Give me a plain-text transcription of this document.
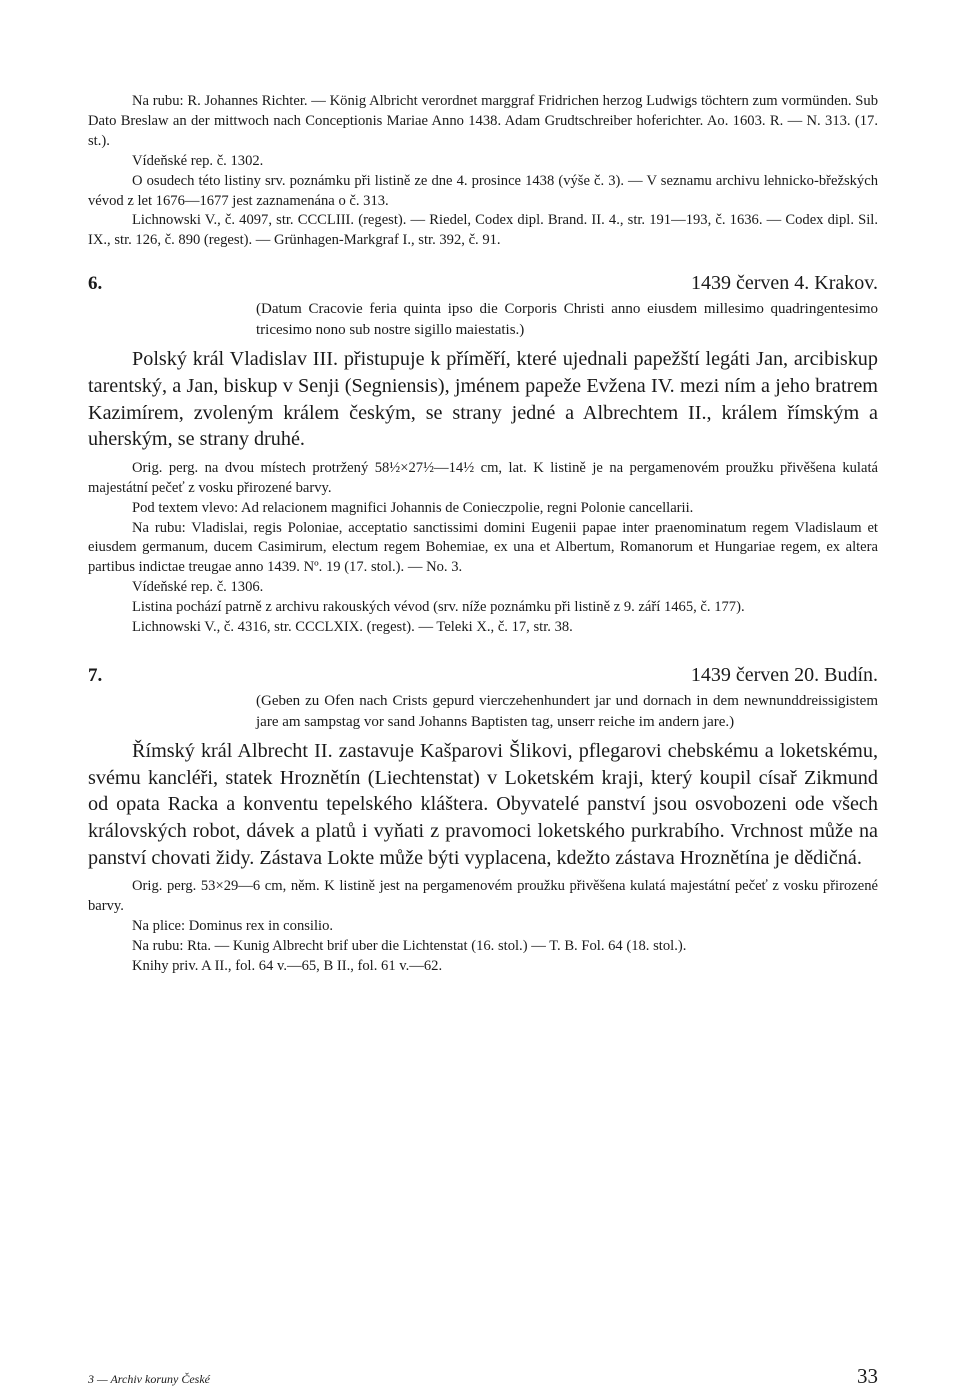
Na rubu: R. Johannes Richter. — König Albricht verordnet marggraf Fridrichen herzog Ludwigs töchtern zum vormünden. Sub Dato Breslaw an der mittwoch nach Conceptionis Mariae Anno 1438. Adam Grudtschreiber hoferichter. Ao. 1603. R. — N. 313. (17. st.).

Vídeňské rep. č. 1302.

O osudech této listiny srv. poznámku při listině ze dne 4. prosince 1438 (výše č. 3). — V seznamu archivu lehnicko-břežských vévod z let 1676—1677 jest zaznamenána o č. 313.

Lichnowski V., č. 4097, str. CCCLIII. (regest). — Riedel, Codex dipl. Brand. II. 4., str. 191—193, č. 1636. — Codex dipl. Sil. IX., str. 126, č. 890 (regest). — Grünhagen-Markgraf I., str. 392, č. 91.

6.	1439 červen 4. Krakov.

(Datum Cracovie feria quinta ipso die Corporis Christi anno eiusdem millesimo quadringentesimo tricesimo nono sub nostre sigillo maiestatis.)

Polský král Vladislav III. přistupuje k příměří, které ujednali papežští legáti Jan, arcibiskup tarentský, a Jan, biskup v Senji (Segniensis), jménem papeže Evžena IV. mezi ním a jeho bratrem Kazimírem, zvoleným králem českým, se strany jedné a Albrechtem II., králem římským a uherským, se strany druhé.

Orig. perg. na dvou místech protržený 58½×27½—14½ cm, lat. K listině je na pergamenovém proužku přivěšena kulatá majestátní pečeť z vosku přirozené barvy.

Pod textem vlevo: Ad relacionem magnifici Johannis de Conieczpolie, regni Polonie cancellarii.

Na rubu: Vladislai, regis Poloniae, acceptatio sanctissimi domini Eugenii papae inter praenominatum regem Vladislaum et eiusdem germanum, ducem Casimirum, electum regem Bohemiae, ex una et Albertum, Romanorum et Hungariae regem, ex altera partibus indictae treugae anno 1439. Nº. 19 (17. stol.). — No. 3.

Vídeňské rep. č. 1306.

Listina pochází patrně z archivu rakouských vévod (srv. níže poznámku při listině z 9. září 1465, č. 177).

Lichnowski V., č. 4316, str. CCCLXIX. (regest). — Teleki X., č. 17, str. 38.

7.	1439 červen 20. Budín.

(Geben zu Ofen nach Crists gepurd vierczehenhundert jar und dornach in dem newnunddreissigistem jare am sampstag vor sand Johanns Baptisten tag, unserr reiche im andern jare.)

Římský král Albrecht II. zastavuje Kašparovi Šlikovi, pflegarovi chebskému a loketskému, svému kancléři, statek Hroznětín (Liechtenstat) v Loketském kraji, který koupil císař Zikmund od opata Racka a konventu tepelského kláštera. Obyvatelé panství jsou osvobozeni ode všech královských robot, dávek a platů i vyňati z pravomoci loketského purkrabího. Vrchnost může na panství chovati židy. Zástava Lokte může býti vyplacena, kdežto zástava Hroznětína je dědičná.

Orig. perg. 53×29—6 cm, něm. K listině jest na pergamenovém proužku přivěšena kulatá majestátní pečeť z vosku přirozené barvy.

Na plice: Dominus rex in consilio.

Na rubu: Rta. — Kunig Albrecht brif uber die Lichtenstat (16. stol.) — T. B. Fol. 64 (18. stol.).

Knihy priv. A II., fol. 64 v.—65, B II., fol. 61 v.—62.

3 — Archiv koruny České	33
